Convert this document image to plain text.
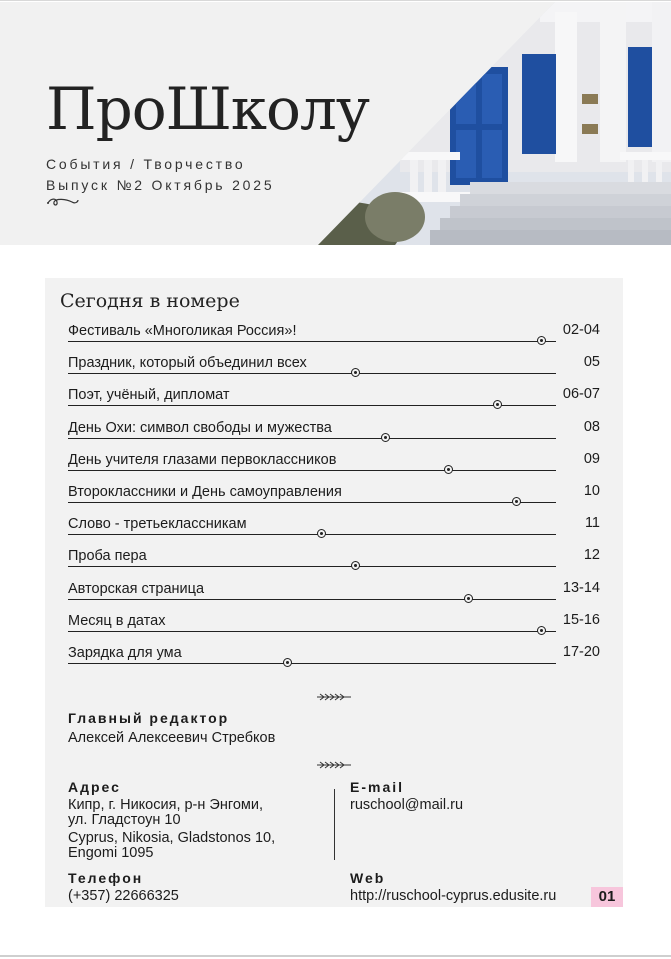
ПроШколу
События / Творчество
Выпуск №2 Октябрь 2025
Сегодня в номере
Фестиваль «Многоликая Россия»!	02-04
Праздник, который объединил всех	05
Поэт, учёный, дипломат	06-07
День Охи: символ свободы и мужества	08
День учителя глазами первоклассников	09
Второклассники и День самоуправления	10
Слово - третьеклассникам	11
Проба пера	12
Авторская страница	13-14
Месяц в датах	15-16
Зарядка для ума	17-20
Главный редактор
Алексей Алексеевич Стребков
Адрес
Кипр, г. Никосия, р-н Энгоми,
ул. Гладстоун 10
Cyprus, Nikosia, Gladstonos 10,
Engomi 1095
Телефон
(+357) 22666325
E-mail
ruschool@mail.ru
Web
http://ruschool-cyprus.edusite.ru	01
